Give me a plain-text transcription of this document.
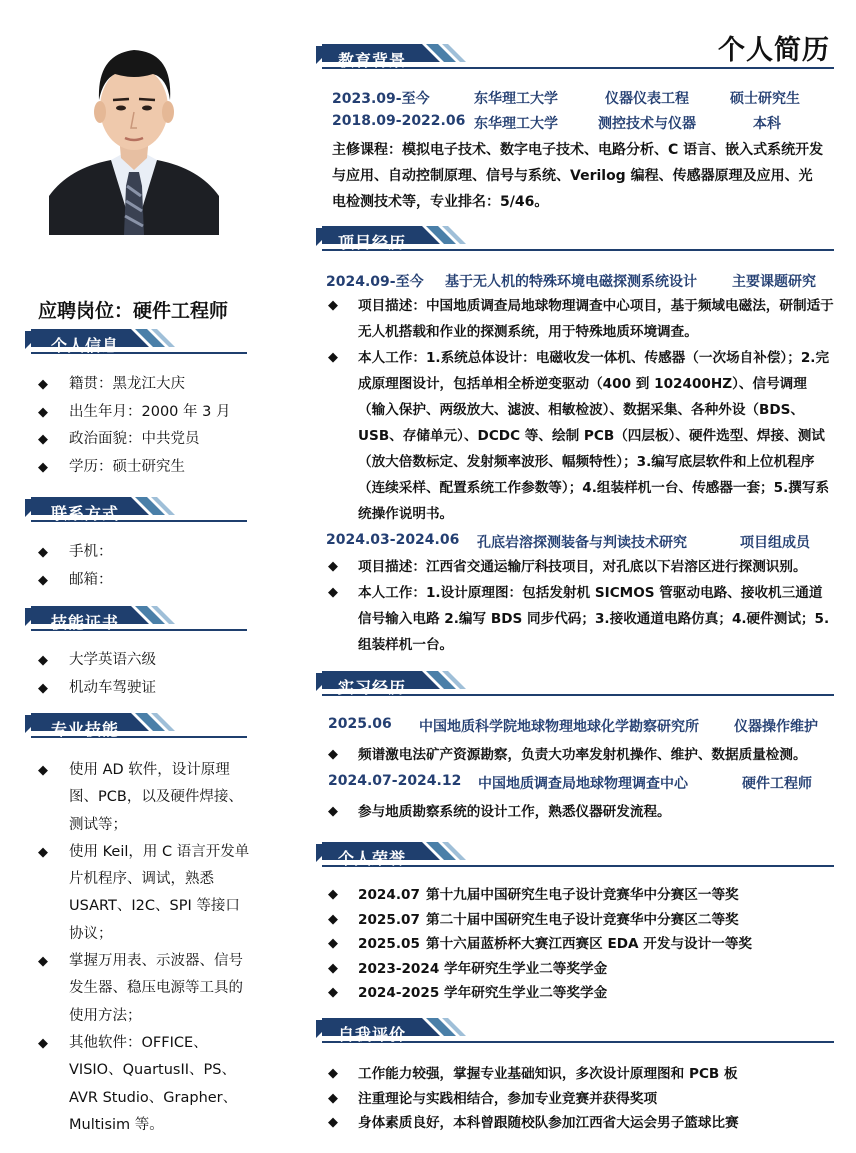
个人简历
应聘岗位：硬件工程师
个人信息
◆ 籍贯：黑龙江大庆
◆ 出生年月：2000 年 3 月
◆ 政治面貌：中共党员
◆ 学历：硕士研究生
联系方式
◆ 手机：
◆ 邮箱：
技能证书
◆ 大学英语六级
◆ 机动车驾驶证
专业技能
◆ 使用 AD 软件，设计原理图、PCB，以及硬件焊接、测试等；
◆ 使用 Keil，用 C 语言开发单片机程序、调试，熟悉 USART、I2C、SPI 等接口协议；
◆ 掌握万用表、示波器、信号发生器、稳压电源等工具的使用方法；
◆ 其他软件：OFFICE、VISIO、QuartusII、PS、AVR Studio、Grapher、Multisim 等。
教育背景
2023.09-至今	东华理工大学	仪器仪表工程	硕士研究生
2018.09-2022.06 东华理工大学	测控技术与仪器	本科
主修课程：模拟电子技术、数字电子技术、电路分析、C 语言、嵌入式系统开发与应用、自动控制原理、信号与系统、Verilog 编程、传感器原理及应用、光电检测技术等，专业排名：5/46。
项目经历
2024.09-至今 基于无人机的特殊环境电磁探测系统设计	主要课题研究
◆ 项目描述：中国地质调查局地球物理调查中心项目，基于频域电磁法，研制适于无人机搭载和作业的探测系统，用于特殊地质环境调查。
◆ 本人工作：1.系统总体设计：电磁收发一体机、传感器（一次场自补偿）；2.完成原理图设计，包括单相全桥逆变驱动（400 到 102400HZ）、信号调理（输入保护、两级放大、滤波、相敏检波）、数据采集、各种外设（BDS、USB、存储单元）、DCDC 等、绘制 PCB（四层板）、硬件选型、焊接、测试（放大倍数标定、发射频率波形、幅频特性）；3.编写底层软件和上位机程序（连续采样、配置系统工作参数等）；4.组装样机一台、传感器一套；5.撰写系统操作说明书。
2024.03-2024.06 孔底岩溶探测装备与判读技术研究	项目组成员
◆ 项目描述：江西省交通运输厅科技项目，对孔底以下岩溶区进行探测识别。
◆ 本人工作：1.设计原理图：包括发射机 SICMOS 管驱动电路、接收机三通道信号输入电路 2.编写 BDS 同步代码；3.接收通道电路仿真；4.硬件测试；5.组装样机一台。
实习经历
2025.06 中国地质科学院地球物理地球化学勘察研究所	仪器操作维护
◆ 频谱激电法矿产资源勘察，负责大功率发射机操作、维护、数据质量检测。
2024.07-2024.12 中国地质调查局地球物理调查中心	硬件工程师
◆ 参与地质勘察系统的设计工作，熟悉仪器研发流程。
个人荣誉
◆ 2024.07 第十九届中国研究生电子设计竞赛华中分赛区一等奖
◆ 2025.07 第二十届中国研究生电子设计竞赛华中分赛区二等奖
◆ 2025.05 第十六届蓝桥杯大赛江西赛区 EDA 开发与设计一等奖
◆ 2023-2024 学年研究生学业二等奖学金
◆ 2024-2025 学年研究生学业二等奖学金
自我评价
◆ 工作能力较强，掌握专业基础知识，多次设计原理图和 PCB 板
◆ 注重理论与实践相结合，参加专业竞赛并获得奖项
◆ 身体素质良好，本科曾跟随校队参加江西省大运会男子篮球比赛
